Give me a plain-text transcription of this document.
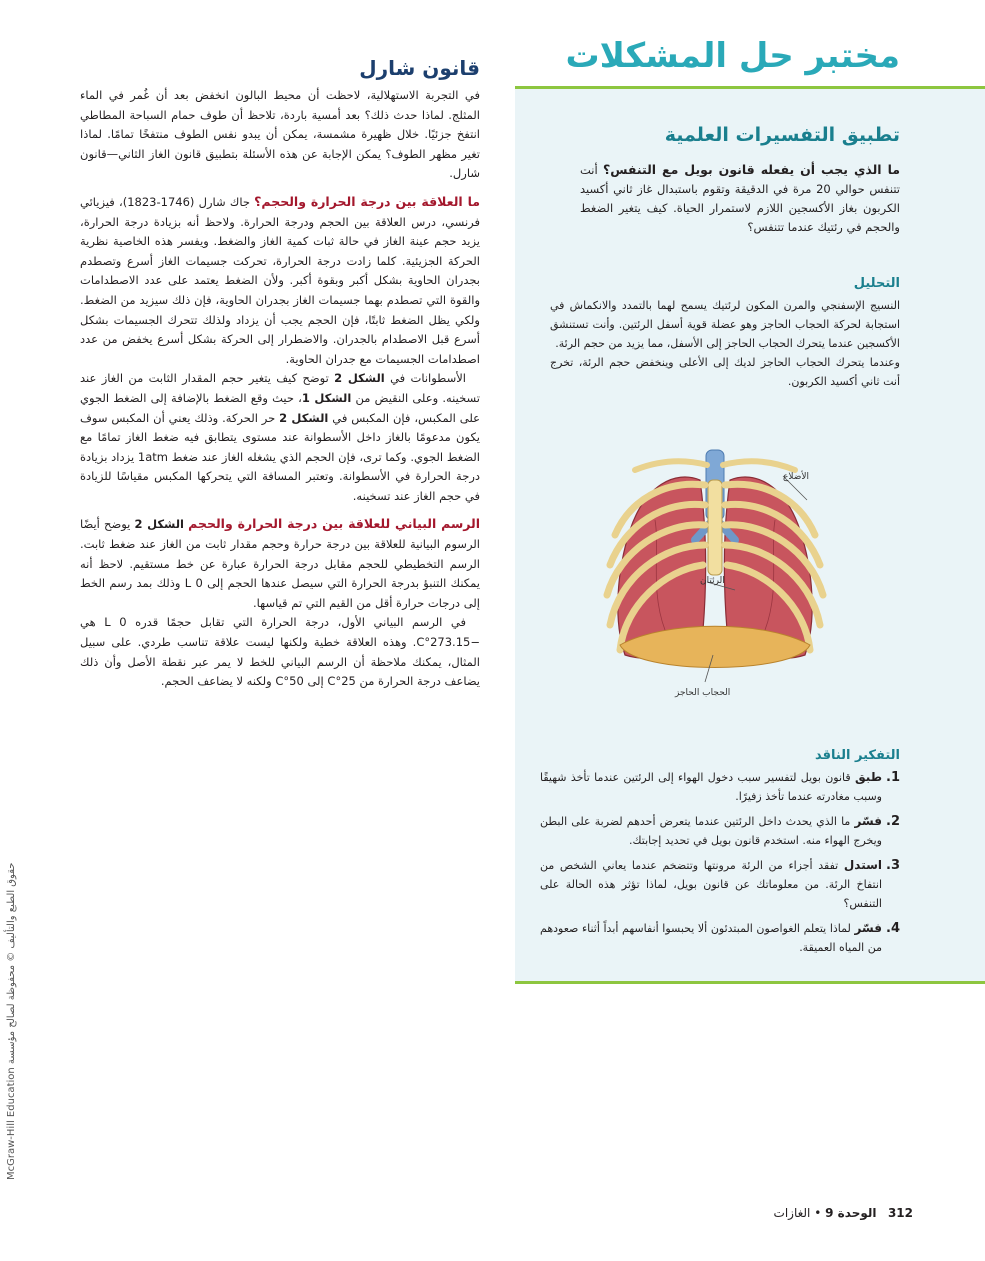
حقوق الطبع والتأليف © محفوظة لصالح مؤسسة McGraw-Hill Education
مختبر حل المشكلات
تطبيق التفسيرات العلمية

ما الذي يجب أن يفعله قانون بويل مع التنفس؟ أنت تتنفس حوالي 20 مرة في الدقيقة وتقوم باستبدال غاز ثاني أكسيد الكربون بغاز الأكسجين اللازم لاستمرار الحياة. كيف يتغير الضغط والحجم في رئتيك عندما تتنفس؟

التحليل

النسيج الإسفنجي والمرن المكون لرئتيك يسمح لهما بالتمدد والانكماش في استجابة لحركة الحجاب الحاجز وهو عضلة قوية أسفل الرئتين. وأنت تستنشق الأكسجين عندما يتحرك الحجاب الحاجز إلى الأسفل، مما يزيد من حجم الرئة.

وعندما يتحرك الحجاب الحاجز لديك إلى الأعلى وينخفض حجم الرئة، تخرج أنت ثاني أكسيد الكربون.

الأضلاع
الرئتان
الحجاب الحاجز
التفكير الناقد
1.
طبق قانون بويل لتفسير سبب دخول الهواء إلى الرئتين عندما تأخذ شهيقًا وسبب مغادرته عندما تأخذ زفيرًا.
2.
فسّر ما الذي يحدث داخل الرئتين عندما يتعرض أحدهم لضربة على البطن ويخرج الهواء منه. استخدم قانون بويل في تحديد إجابتك.
3.
استدل تفقد أجزاء من الرئة مرونتها وتتضخم عندما يعاني الشخص من انتفاخ الرئة. من معلوماتك عن قانون بويل، لماذا تؤثر هذه الحالة على التنفس؟
4.
فسّر لماذا يتعلم الغواصون المبتدئون ألا يحبسوا أنفاسهم أبداً أثناء صعودهم من المياه العميقة.
قانون شارل

في التجربة الاستهلالية، لاحظت أن محيط البالون انخفض بعد أن غُمر في الماء المثلج. لماذا حدث ذلك؟ بعد أمسية باردة، تلاحظ أن طوف حمام السباحة المطاطي انتفخ جزئيًا. خلال ظهيرة مشمسة، يمكن أن يبدو نفس الطوف منتفخًا تمامًا. لماذا تغير مظهر الطوف؟ يمكن الإجابة عن هذه الأسئلة بتطبيق قانون الغاز الثاني—قانون شارل.

ما العلاقة بين درجة الحرارة والحجم؟ جاك شارل (1746-1823)، فيزيائي فرنسي، درس العلاقة بين الحجم ودرجة الحرارة. ولاحظ أنه بزيادة درجة الحرارة، يزيد حجم عينة الغاز في حالة ثبات كمية الغاز والضغط. ويفسر هذه الخاصية نظرية الحركة الجزيئية. كلما زادت درجة الحرارة، تحركت جسيمات الغاز أسرع وتصطدم بجدران الحاوية بشكل أكبر وبقوة أكبر. ولأن الضغط يعتمد على عدد الاصطدامات والقوة التي تصطدم بهما جسيمات الغاز بجدران الحاوية، فإن ذلك سيزيد من الضغط. ولكي يظل الضغط ثابتًا، فإن الحجم يجب أن يزداد ولذلك تتحرك الجسيمات بشكل أسرع قبل الاصطدام بالجدران. والاضطرار إلى الحركة بشكل أسرع يخفض من عدد اصطدامات الجسيمات مع جدران الحاوية.

الأسطوانات في الشكل 2 توضح كيف يتغير حجم المقدار الثابت من الغاز عند تسخينه. وعلى النقيض من الشكل 1، حيث وقع الضغط بالإضافة إلى الضغط الجوي على المكبس، فإن المكبس في الشكل 2 حر الحركة. وذلك يعني أن المكبس سوف يكون مدعومًا بالغاز داخل الأسطوانة عند مستوى يتطابق فيه ضغط الغاز تمامًا مع الضغط الجوي. وكما ترى، فإن الحجم الذي يشغله الغاز عند ضغط 1atm يزداد بزيادة درجة الحرارة في الأسطوانة. وتعتبر المسافة التي يتحركها المكبس مقياسًا للزيادة في حجم الغاز عند تسخينه.

الرسم البياني للعلاقة بين درجة الحرارة والحجم الشكل 2 يوضح أيضًا الرسوم البيانية للعلاقة بين درجة حرارة وحجم مقدار ثابت من الغاز عند ضغط ثابت. الرسم التخطيطي للحجم مقابل درجة الحرارة عبارة عن خط مستقيم. لاحظ أنه يمكنك التنبؤ بدرجة الحرارة التي سيصل عندها الحجم إلى 0 L وذلك بمد رسم الخط إلى درجات حرارة أقل من القيم التي تم قياسها.

في الرسم البياني الأول، درجة الحرارة التي تقابل حجمًا قدره 0 L هي −273.15°C. وهذه العلاقة خطية ولكنها ليست علاقة تناسب طردي. على سبيل المثال، يمكنك ملاحظة أن الرسم البياني للخط لا يمر عبر نقطة الأصل وأن ذلك يضاعف درجة الحرارة من 25°C إلى 50°C ولكنه لا يضاعف الحجم.

312   الوحدة 9 • الغازات
